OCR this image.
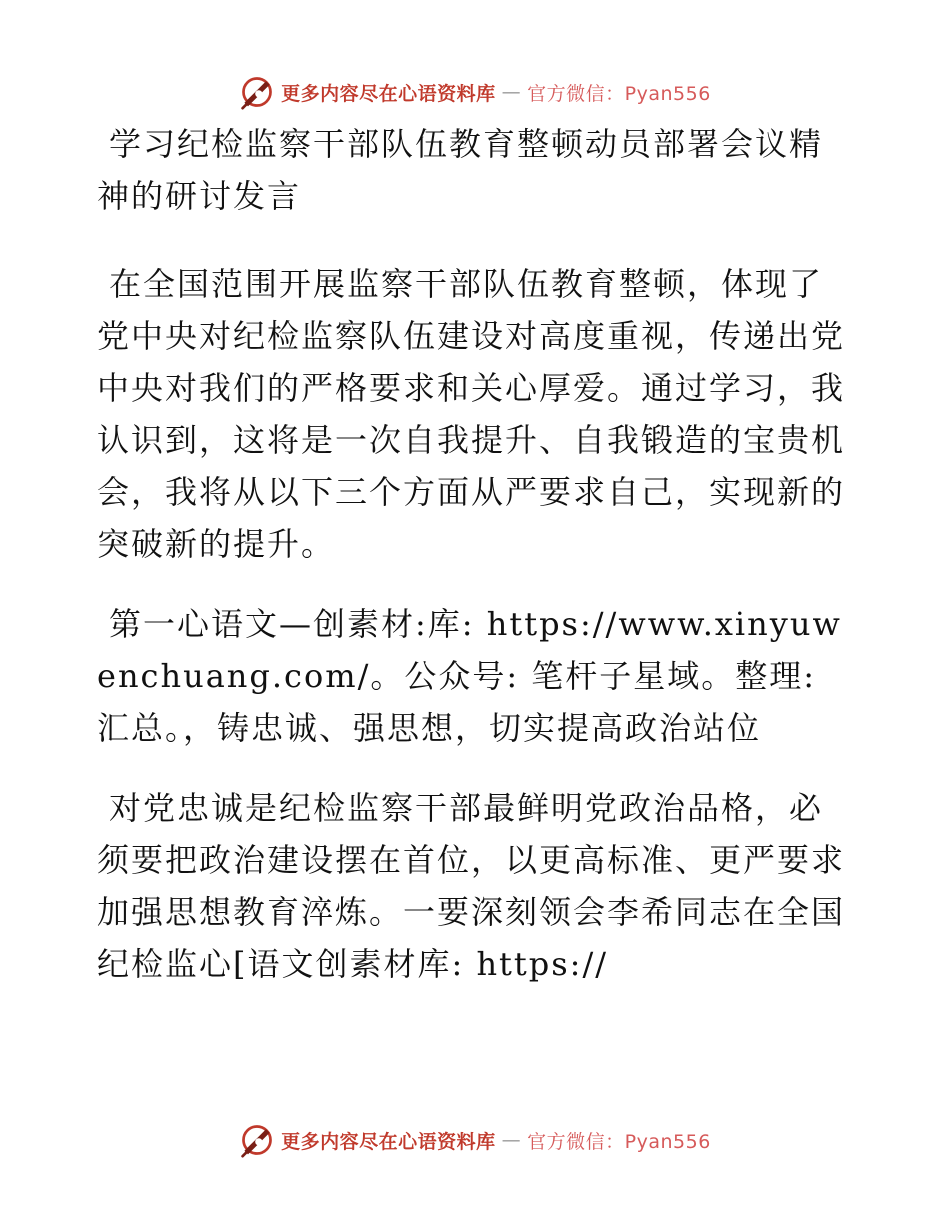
更多内容尽在心语资料库 — 官方微信：Pyan556

学习纪检监察干部队伍教育整顿动员部署会议精神的研讨发言

在全国范围开展监察干部队伍教育整顿，体现了党中央对纪检监察队伍建设对高度重视，传递出党中央对我们的严格要求和关心厚爱。通过学习，我认识到，这将是一次自我提升、自我锻造的宝贵机会，我将从以下三个方面从严要求自己，实现新的突破新的提升。

第一心语文—创素材:库: https://www.xinyuwenchuang.com/。公众号: 笔杆子星域。整理:汇总。，铸忠诚、强思想，切实提高政治站位

对党忠诚是纪检监察干部最鲜明党政治品格，必须要把政治建设摆在首位，以更高标准、更严要求加强思想教育淬炼。一要深刻领会李希同志在全国纪检监心[语文创素材库: https://

更多内容尽在心语资料库 — 官方微信：Pyan556
